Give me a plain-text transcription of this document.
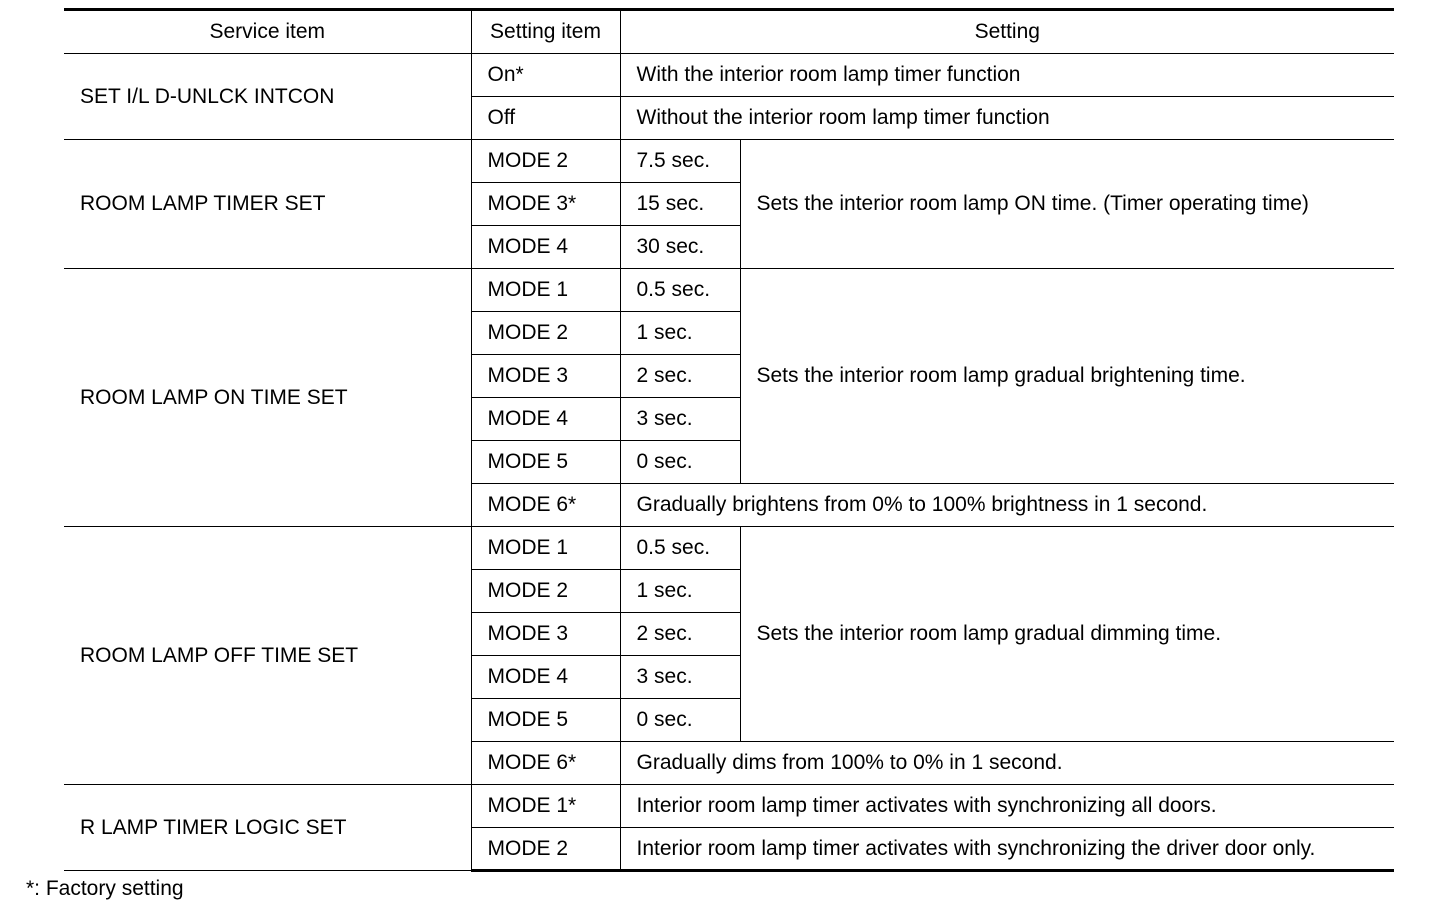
Service item	Setting item	Setting	
SET I/L D-UNLCK INTCON	On*	With the interior room lamp timer function	
	Off	Without the interior room lamp timer function	
ROOM LAMP TIMER SET	MODE 2	7.5 sec.	Sets the interior room lamp ON time. (Timer operating time)
	MODE 3*	15 sec.	
	MODE 4	30 sec.	
ROOM LAMP ON TIME SET	MODE 1	0.5 sec.	Sets the interior room lamp gradual brightening time.
	MODE 2	1 sec.	
	MODE 3	2 sec.	
	MODE 4	3 sec.	
	MODE 5	0 sec.	
	MODE 6*	Gradually brightens from 0% to 100% brightness in 1 second.	
ROOM LAMP OFF TIME SET	MODE 1	0.5 sec.	Sets the interior room lamp gradual dimming time.
	MODE 2	1 sec.	
	MODE 3	2 sec.	
	MODE 4	3 sec.	
	MODE 5	0 sec.	
	MODE 6*	Gradually dims from 100% to 0% in 1 second.	
R LAMP TIMER LOGIC SET	MODE 1*	Interior room lamp timer activates with synchronizing all doors.	
	MODE 2	Interior room lamp timer activates with synchronizing the driver door only.	
*: Factory setting
